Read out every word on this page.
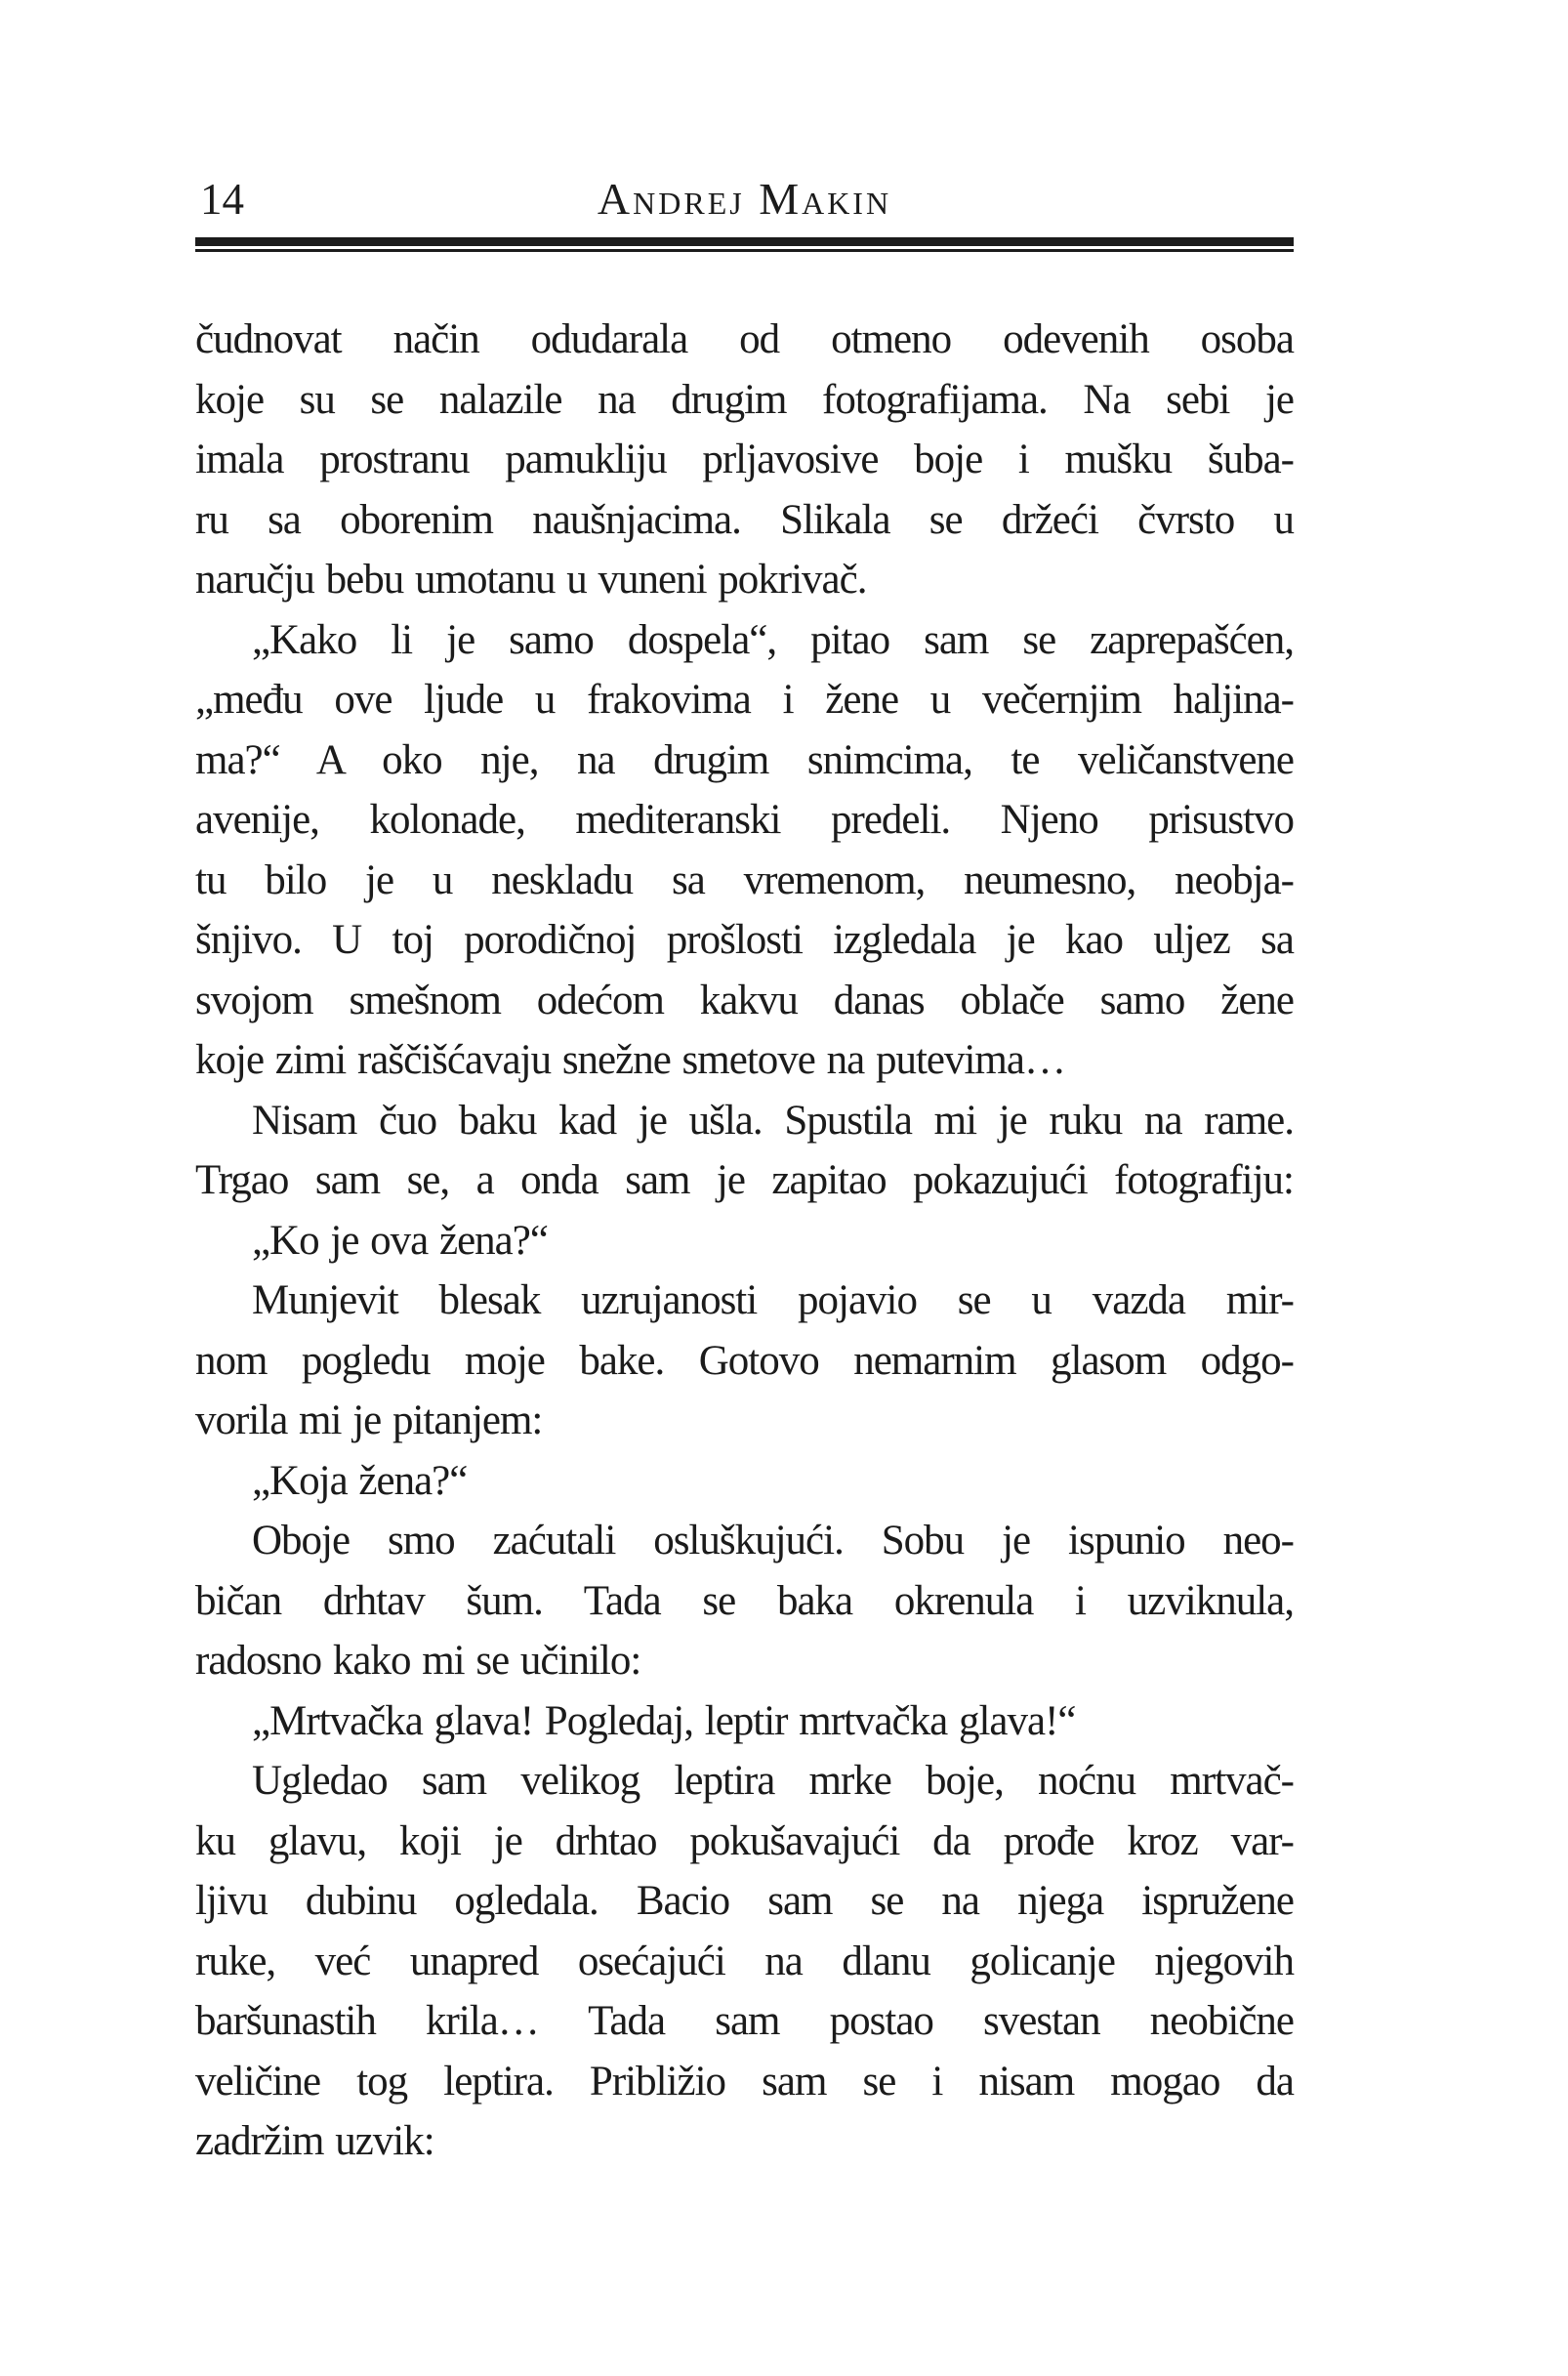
14	Andrej Makin
čudnovat način odudarala od otmeno odevenih osoba
koje su se nalazile na drugim fotografijama. Na sebi je
imala prostranu pamukliju prljavosive boje i mušku šuba-
ru sa oborenim naušnjacima. Slikala se držeći čvrsto u
naručju bebu umotanu u vuneni pokrivač.
„Kako li je samo dospela“, pitao sam se zaprepašćen,
„među ove ljude u frakovima i žene u večernjim haljina-
ma?“ A oko nje, na drugim snimcima, te veličanstvene
avenije, kolonade, mediteranski predeli. Njeno prisustvo
tu bilo je u neskladu sa vremenom, neumesno, neobja-
šnjivo. U toj porodičnoj prošlosti izgledala je kao uljez sa
svojom smešnom odećom kakvu danas oblače samo žene
koje zimi raščišćavaju snežne smetove na putevima…
Nisam čuo baku kad je ušla. Spustila mi je ruku na rame.
Trgao sam se, a onda sam je zapitao pokazujući fotografiju:
„Ko je ova žena?“
Munjevit blesak uzrujanosti pojavio se u vazda mir-
nom pogledu moje bake. Gotovo nemarnim glasom odgo-
vorila mi je pitanjem:
„Koja žena?“
Oboje smo zaćutali osluškujući. Sobu je ispunio neo-
bičan drhtav šum. Tada se baka okrenula i uzviknula,
radosno kako mi se učinilo:
„Mrtvačka glava! Pogledaj, leptir mrtvačka glava!“
Ugledao sam velikog leptira mrke boje, noćnu mrtvač-
ku glavu, koji je drhtao pokušavajući da prođe kroz var-
ljivu dubinu ogledala. Bacio sam se na njega ispružene
ruke, već unapred osećajući na dlanu golicanje njegovih
baršunastih krila… Tada sam postao svestan neobične
veličine tog leptira. Približio sam se i nisam mogao da
zadržim uzvik:
